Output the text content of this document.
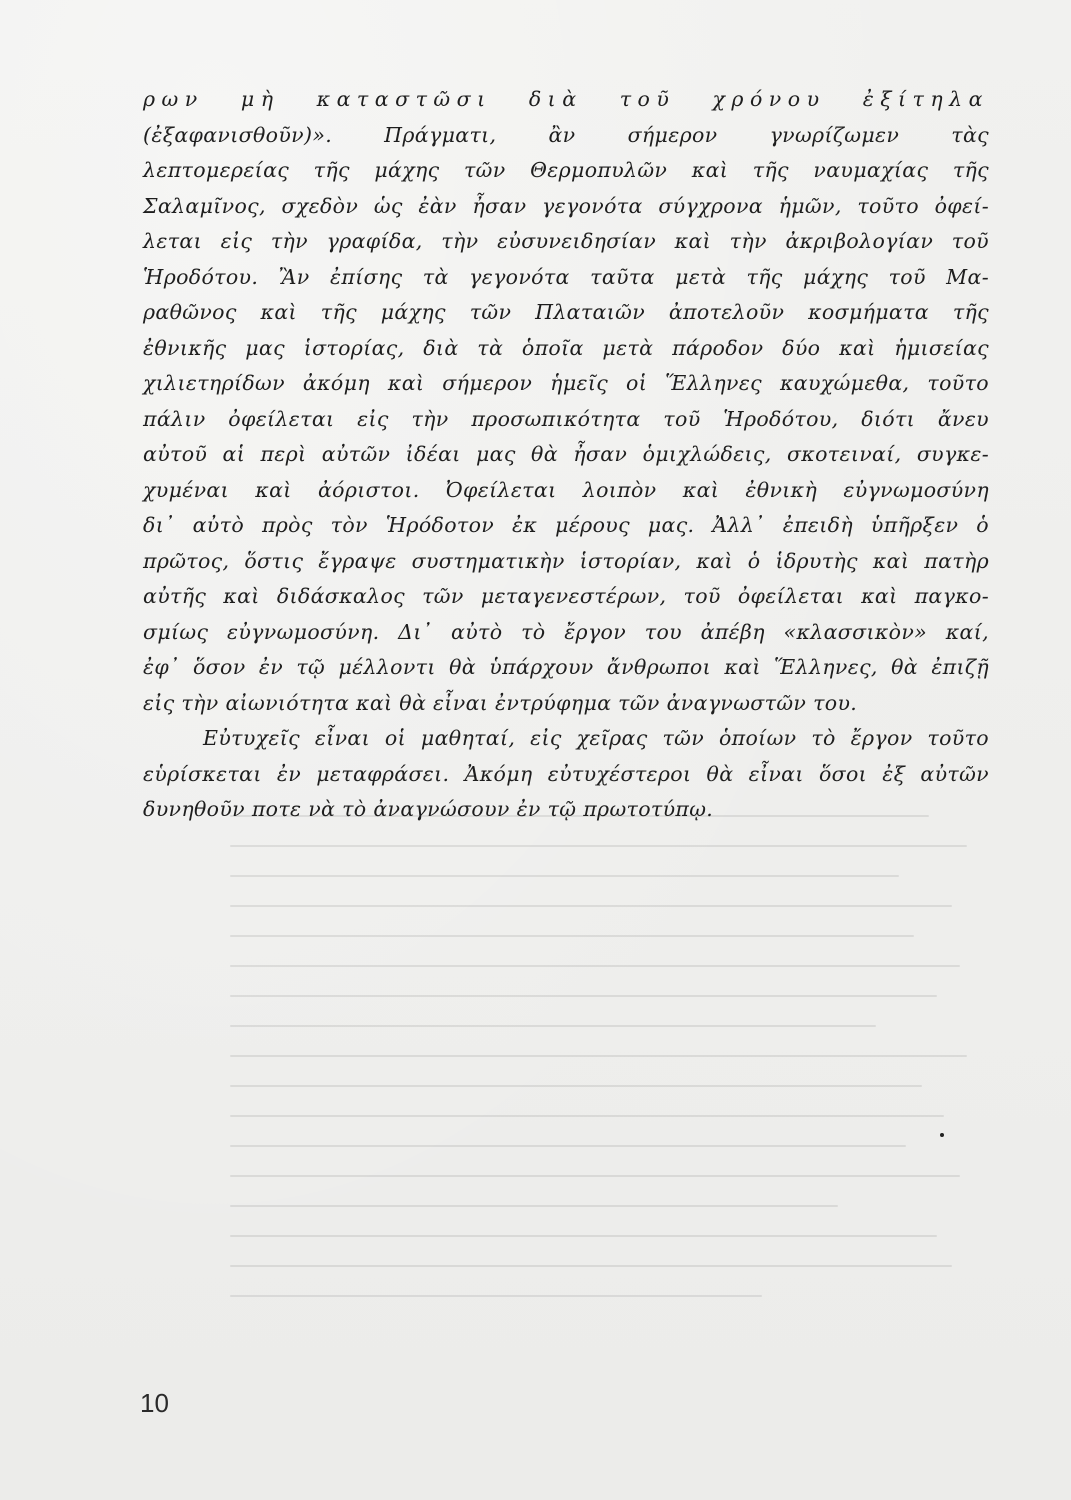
ρων μὴ καταστῶσι διὰ τοῦ χρόνου ἐξίτηλα
(ἐξαφανισθοῦν)». Πράγματι, ἂν σήμερον γνωρίζωμεν τὰς
λεπτομερείας τῆς μάχης τῶν Θερμοπυλῶν καὶ τῆς ναυμαχίας τῆς
Σαλαμῖνος, σχεδὸν ὡς ἐὰν ἦσαν γεγονότα σύγχρονα ἡμῶν, τοῦτο ὀφεί-
λεται εἰς τὴν γραφίδα, τὴν εὐσυνειδησίαν καὶ τὴν ἀκριβολογίαν τοῦ
Ἡροδότου. Ἂν ἐπίσης τὰ γεγονότα ταῦτα μετὰ τῆς μάχης τοῦ Μα-
ραθῶνος καὶ τῆς μάχης τῶν Πλαταιῶν ἀποτελοῦν κοσμήματα τῆς
ἐθνικῆς μας ἱστορίας, διὰ τὰ ὁποῖα μετὰ πάροδον δύο καὶ ἡμισείας
χιλιετηρίδων ἀκόμη καὶ σήμερον ἡμεῖς οἱ Ἕλληνες καυχώμεθα, τοῦτο
πάλιν ὀφείλεται εἰς τὴν προσωπικότητα τοῦ Ἡροδότου, διότι ἄνευ
αὐτοῦ αἱ περὶ αὐτῶν ἰδέαι μας θὰ ἦσαν ὁμιχλώδεις, σκοτειναί, συγκε-
χυμέναι καὶ ἀόριστοι. Ὀφείλεται λοιπὸν καὶ ἐθνικὴ εὐγνωμοσύνη
δι᾽ αὐτὸ πρὸς τὸν Ἡρόδοτον ἐκ μέρους μας. Ἀλλ᾽ ἐπειδὴ ὑπῆρξεν ὁ
πρῶτος, ὅστις ἔγραψε συστηματικὴν ἱστορίαν, καὶ ὁ ἱδρυτὴς καὶ πατὴρ
αὐτῆς καὶ διδάσκαλος τῶν μεταγενεστέρων, τοῦ ὀφείλεται καὶ παγκο-
σμίως εὐγνωμοσύνη. Δι᾽ αὐτὸ τὸ ἔργον του ἀπέβη «κλασσικὸν» καί,
ἐφ᾽ ὅσον ἐν τῷ μέλλοντι θὰ ὑπάρχουν ἄνθρωποι καὶ Ἕλληνες, θὰ ἐπιζῇ
εἰς τὴν αἰωνιότητα καὶ θὰ εἶναι ἐντρύφημα τῶν ἀναγνωστῶν του.
Εὐτυχεῖς εἶναι οἱ μαθηταί, εἰς χεῖρας τῶν ὁποίων τὸ ἔργον τοῦτο
εὑρίσκεται ἐν μεταφράσει. Ἀκόμη εὐτυχέστεροι θὰ εἶναι ὅσοι ἐξ αὐτῶν
δυνηθοῦν ποτε νὰ τὸ ἀναγνώσουν ἐν τῷ πρωτοτύπῳ.
10
